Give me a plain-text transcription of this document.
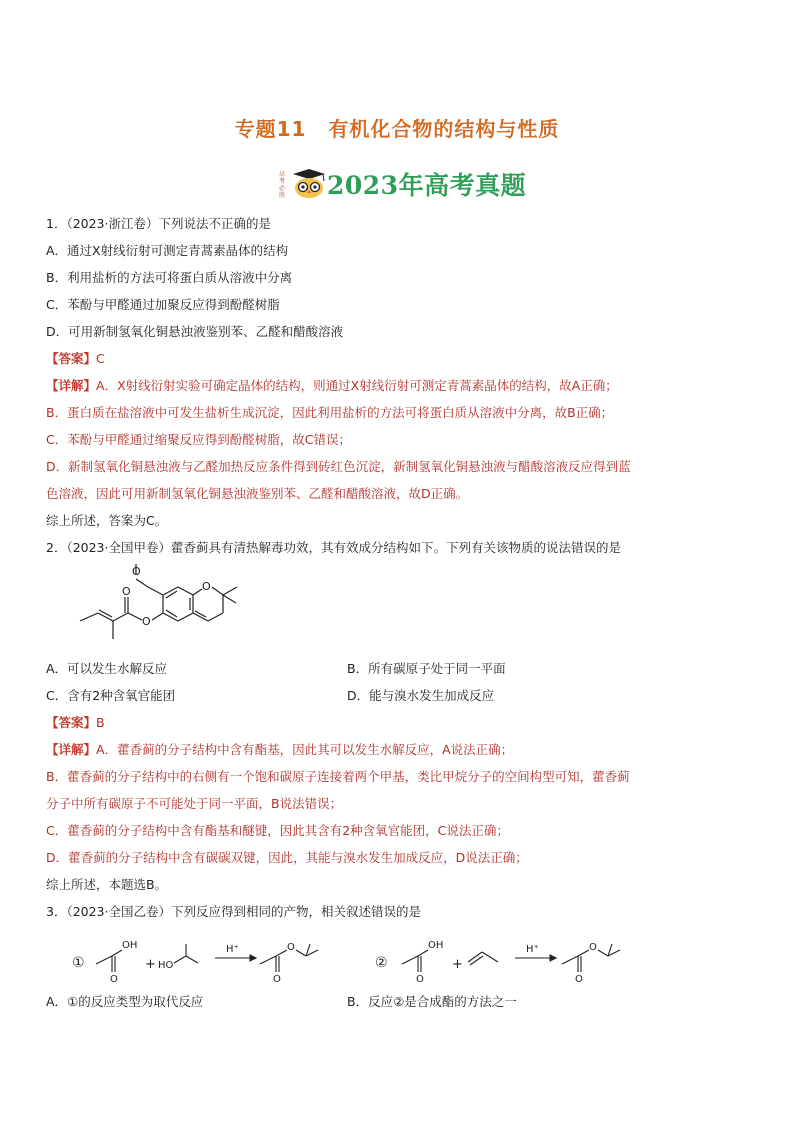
专题11 有机化合物的结构与性质
高
考
必
胜 2023年高考真题
1．（2023·浙江卷）下列说法不正确的是
A．通过X射线衍射可测定青蒿素晶体的结构
B．利用盐析的方法可将蛋白质从溶液中分离
C．苯酚与甲醛通过加聚反应得到酚醛树脂
D．可用新制氢氧化铜悬浊液鉴别苯、乙醛和醋酸溶液
【答案】C
【详解】A．X射线衍射实验可确定晶体的结构，则通过X射线衍射可测定青蒿素晶体的结构，故A正确；
B．蛋白质在盐溶液中可发生盐析生成沉淀，因此利用盐析的方法可将蛋白质从溶液中分离，故B正确；
C．苯酚与甲醛通过缩聚反应得到酚醛树脂，故C错误；
D．新制氢氧化铜悬浊液与乙醛加热反应条件得到砖红色沉淀，新制氢氧化铜悬浊液与醋酸溶液反应得到蓝
色溶液，因此可用新制氢氧化铜悬浊液鉴别苯、乙醛和醋酸溶液，故D正确。
综上所述，答案为C。
2．（2023·全国甲卷）藿香蓟具有清热解毒功效，其有效成分结构如下。下列有关该物质的说法错误的是
O
O
O
O
A．可以发生水解反应	B．所有碳原子处于同一平面
C．含有2种含氧官能团	D．能与溴水发生加成反应
【答案】B
【详解】A．藿香蓟的分子结构中含有酯基，因此其可以发生水解反应，A说法正确；
B．藿香蓟的分子结构中的右侧有一个饱和碳原子连接着两个甲基，类比甲烷分子的空间构型可知，藿香蓟
分子中所有碳原子不可能处于同一平面，B说法错误；
C．藿香蓟的分子结构中含有酯基和醚键，因此其含有2种含氧官能团，C说法正确；
D．藿香蓟的分子结构中含有碳碳双键，因此，其能与溴水发生加成反应，D说法正确；
综上所述，本题选B。
3．（2023·全国乙卷）下列反应得到相同的产物，相关叙述错误的是
①
OH
O
+ HO
H⁺	O
O
②
OH
O
+
H⁺	O
O
A．①的反应类型为取代反应	B．反应②是合成酯的方法之一
